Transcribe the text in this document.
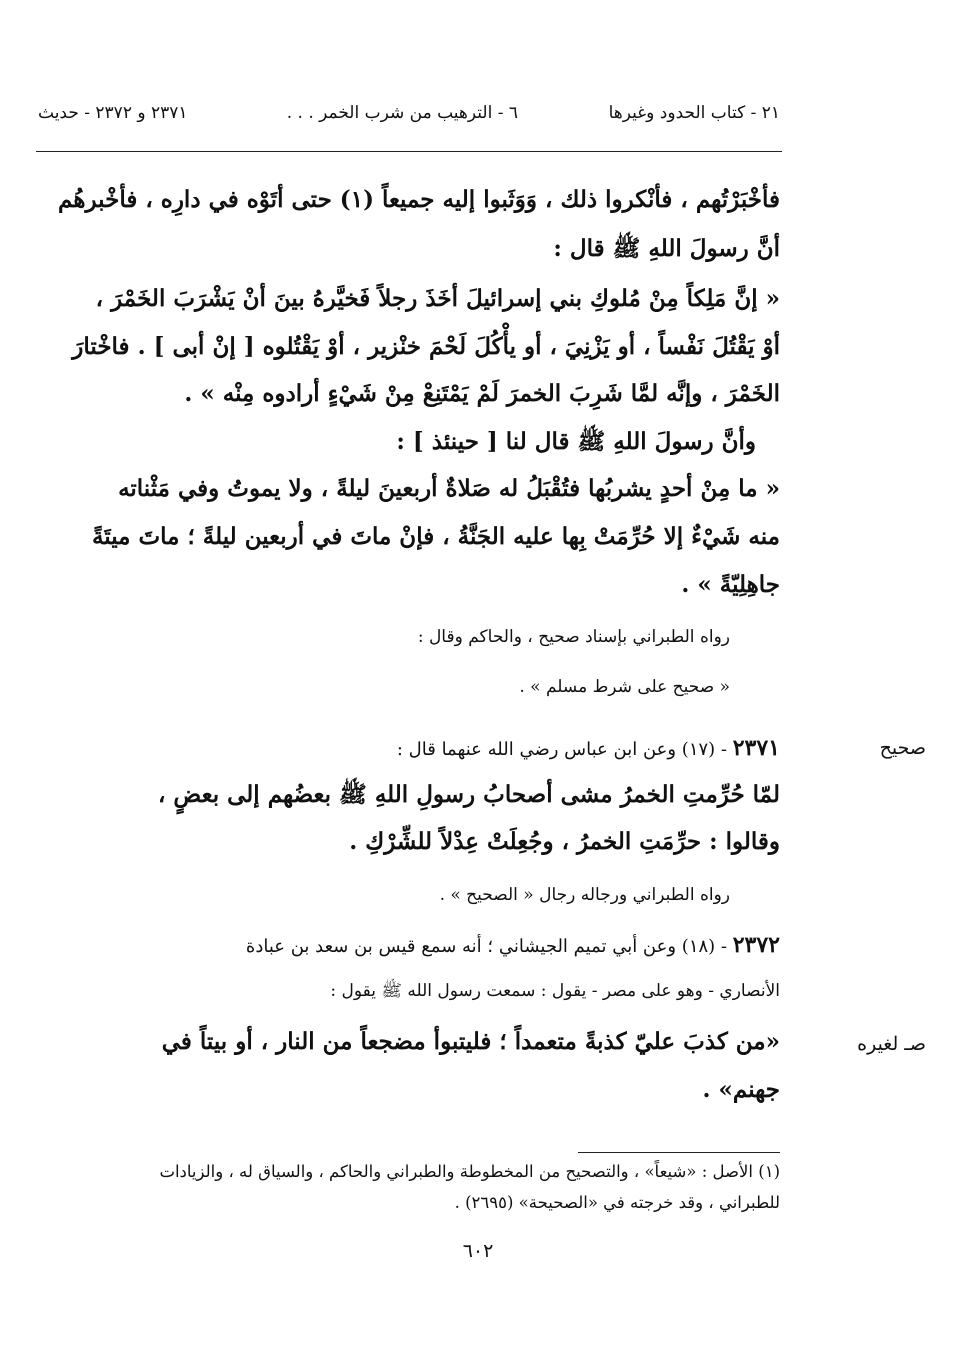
٢١ - كتاب الحدود وغيرها
٦ - الترهيب من شرب الخمر . . .
٢٣٧١ و ٢٣٧٢ - حديث
فأخْبَرْتُهم ، فأنْكروا ذلك ، وَوَثَبوا إليه جميعاً (١) حتى أتَوْه في دارِه ، فأخْبرهُم
أنَّ رسولَ اللهِ ﷺ قال :
« إنَّ مَلِكاً مِنْ مُلوكِ بني إسرائيلَ أخَذَ رجلاً فَخيَّرهُ بينَ أنْ يَشْرَبَ الخَمْرَ ،
أوْ يَقْتُلَ نَفْساً ، أو يَزْنِيَ ، أو يأْكُلَ لَحْمَ خنْزير ، أوْ يَقْتُلوه [ إنْ أبى ] . فاخْتارَ
الخَمْرَ ، وإنَّه لمَّا شَرِبَ الخمرَ لَمْ يَمْتَنِعْ مِنْ شَيْءٍ أرادوه مِنْه » .
وأنَّ رسولَ اللهِ ﷺ قال لنا [ حينئذ ] :
« ما مِنْ أحدٍ يشربُها فتُقْبَلُ له صَلاةٌ أربعينَ ليلةً ، ولا يموتُ وفي مَثْناته
منه شَيْءٌ إلا حُرِّمَتْ بِها عليه الجَنَّةُ ، فإنْ ماتَ في أربعين ليلةً ؛ ماتَ ميتَةً
جاهِلِيّةً » .
رواه الطبراني بإسناد صحيح ، والحاكم وقال :
« صحيح على شرط مسلم » .
صحيح
٢٣٧١ - (١٧) وعن ابن عباس رضي الله عنهما قال :
لمّا حُرِّمتِ الخمرُ مشى أصحابُ رسولِ اللهِ ﷺ بعضُهم إلى بعضٍ ،
وقالوا : حرِّمَتِ الخمرُ ، وجُعِلَتْ عِدْلاً للشِّرْكِ .
رواه الطبراني ورجاله رجال « الصحيح » .
٢٣٧٢ - (١٨) وعن أبي تميم الجيشاني ؛ أنه سمع قيس بن سعد بن عبادة
الأنصاري - وهو على مصر - يقول : سمعت رسول الله ﷺ يقول :
صـ لغيره
«من كذبَ عليّ كذبةً متعمداً ؛ فليتبوأ مضجعاً من النار ، أو بيتاً في
جهنم» .
(١) الأصل : «شيعاً» ، والتصحيح من المخطوطة والطبراني والحاكم ، والسياق له ، والزيادات
للطبراني ، وقد خرجته في «الصحيحة» (٢٦٩٥) .
٦٠٢
